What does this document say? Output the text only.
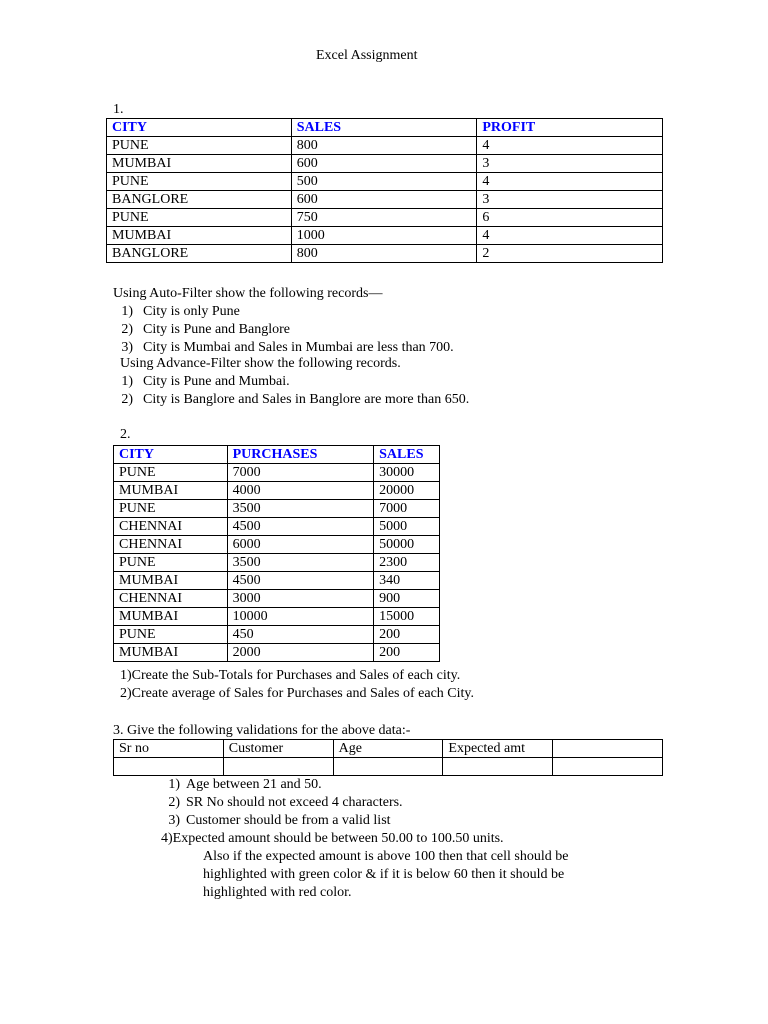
Excel Assignment
1.
CITY	SALES	PROFIT
PUNE	800	4
MUMBAI	600	3
PUNE	500	4
BANGLORE	600	3
PUNE	750	6
MUMBAI	1000	4
BANGLORE	800	2
Using Auto-Filter show the following records—
1) City is only Pune
2) City is Pune and Banglore
3) City is Mumbai and Sales in Mumbai are less than 700.
Using Advance-Filter show the following records.
1) City is Pune and Mumbai.
2) City is Banglore and Sales in Banglore are more than 650.
2.
CITY	PURCHASES	SALES
PUNE	7000	30000
MUMBAI	4000	20000
PUNE	3500	7000
CHENNAI	4500	5000
CHENNAI	6000	50000
PUNE	3500	2300
MUMBAI	4500	340
CHENNAI	3000	900
MUMBAI	10000	15000
PUNE	450	200
MUMBAI	2000	200
1)Create the Sub-Totals for Purchases and Sales of each city.
2)Create average of Sales for Purchases and Sales of each City.
3. Give the following validations for the above data:-
Sr no	Customer	Age	Expected amt	

1) Age between 21 and 50.
2) SR No should not exceed 4 characters.
3) Customer should be from a valid list
4)Expected amount should be between 50.00 to 100.50 units.
Also if the expected amount is above 100 then that cell should be
highlighted with green color & if it is below 60 then it should be
highlighted with red color.
